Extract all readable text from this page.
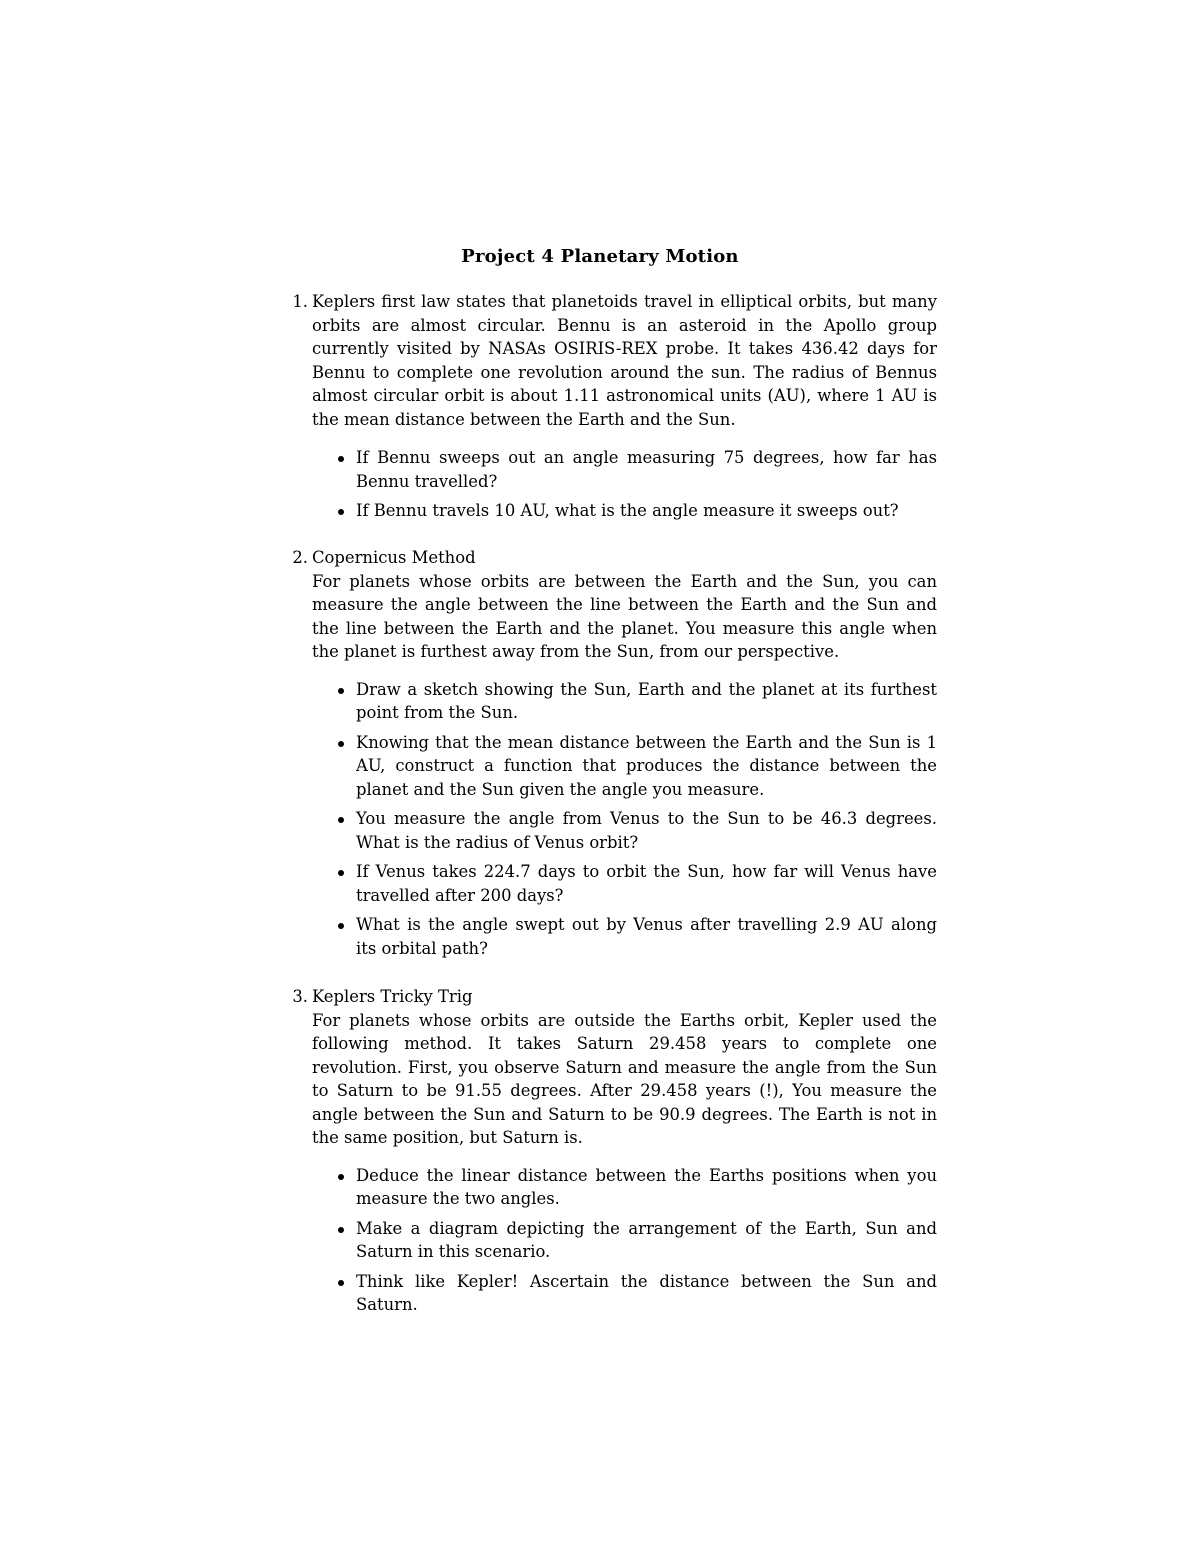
Project 4 Planetary Motion
1. Keplers first law states that planetoids travel in elliptical orbits, but many orbits are almost circular. Bennu is an asteroid in the Apollo group currently visited by NASAs OSIRIS-REX probe. It takes 436.42 days for Bennu to complete one revolution around the sun. The radius of Bennus almost circular orbit is about 1.11 astronomical units (AU), where 1 AU is the mean distance between the Earth and the Sun.

If Bennu sweeps out an angle measuring 75 degrees, how far has Bennu travelled?
If Bennu travels 10 AU, what is the angle measure it sweeps out?
2. Copernicus Method

For planets whose orbits are between the Earth and the Sun, you can measure the angle between the line between the Earth and the Sun and the line between the Earth and the planet. You measure this angle when the planet is furthest away from the Sun, from our perspective.

Draw a sketch showing the Sun, Earth and the planet at its furthest point from the Sun.
Knowing that the mean distance between the Earth and the Sun is 1 AU, construct a function that produces the distance between the planet and the Sun given the angle you measure.
You measure the angle from Venus to the Sun to be 46.3 degrees. What is the radius of Venus orbit?
If Venus takes 224.7 days to orbit the Sun, how far will Venus have travelled after 200 days?
What is the angle swept out by Venus after travelling 2.9 AU along its orbital path?
3. Keplers Tricky Trig

For planets whose orbits are outside the Earths orbit, Kepler used the following method. It takes Saturn 29.458 years to complete one revolution. First, you observe Saturn and measure the angle from the Sun to Saturn to be 91.55 degrees. After 29.458 years (!), You measure the angle between the Sun and Saturn to be 90.9 degrees. The Earth is not in the same position, but Saturn is.

Deduce the linear distance between the Earths positions when you measure the two angles.
Make a diagram depicting the arrangement of the Earth, Sun and Saturn in this scenario.
Think like Kepler! Ascertain the distance between the Sun and Saturn.
